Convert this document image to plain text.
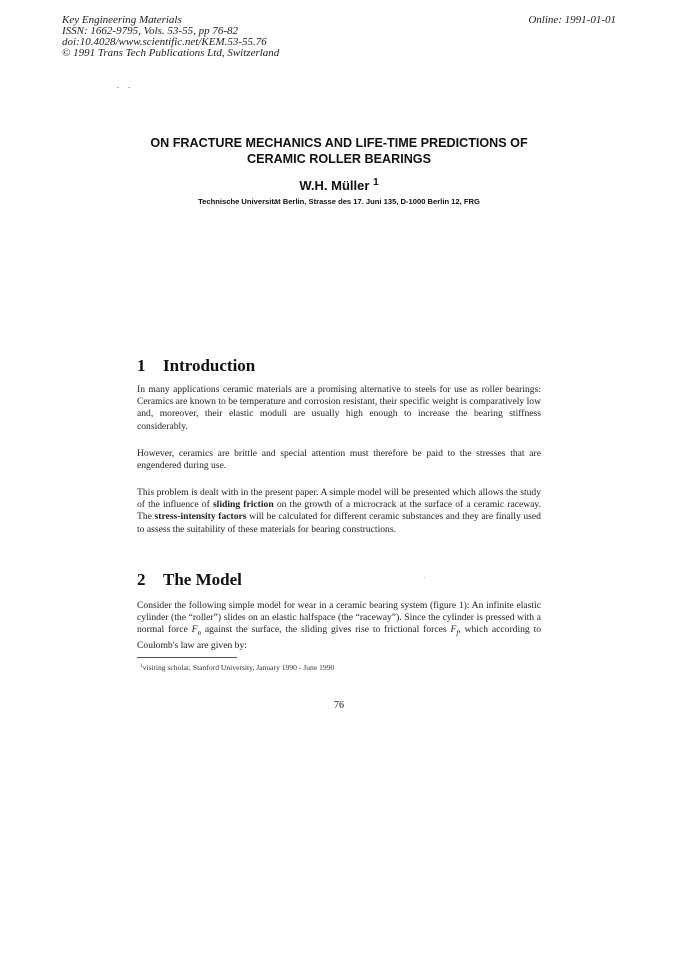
Key Engineering Materials
ISSN: 1662-9795, Vols. 53-55, pp 76-82
doi:10.4028/www.scientific.net/KEM.53-55.76
© 1991 Trans Tech Publications Ltd, Switzerland
Online: 1991-01-01
ON FRACTURE MECHANICS AND LIFE-TIME PREDICTIONS OF
CERAMIC ROLLER BEARINGS
W.H. Müller $^1$
Technische Universität Berlin, Strasse des 17. Juni 135, D-1000 Berlin 12, FRG
1 Introduction

In many applications ceramic materials are a promising alternative to steels for use as roller bearings: Ceramics are known to be temperature and corrosion resistant, their specific weight is comparatively low and, moreover, their elastic moduli are usually high enough to increase the bearing stiffness considerably.

However, ceramics are brittle and special attention must therefore be paid to the stresses that are engendered during use.

This problem is dealt with in the present paper. A simple model will be presented which allows the study of the influence of sliding friction on the growth of a microcrack at the surface of a ceramic raceway. The stress-intensity factors will be calculated for different ceramic substances and they are finally used to assess the suitability of these materials for bearing constructions.

2 The Model

Consider the following simple model for wear in a ceramic bearing system (figure 1): An infinite elastic cylinder (the “roller”) slides on an elastic halfspace (the “raceway”). Since the cylinder is pressed with a normal force $F_n$ against the surface, the sliding gives rise to frictional forces $F_f$, which according to Coulomb's law are given by:

$^1$visiting scholar, Stanford University, January 1990 - June 1990
76
